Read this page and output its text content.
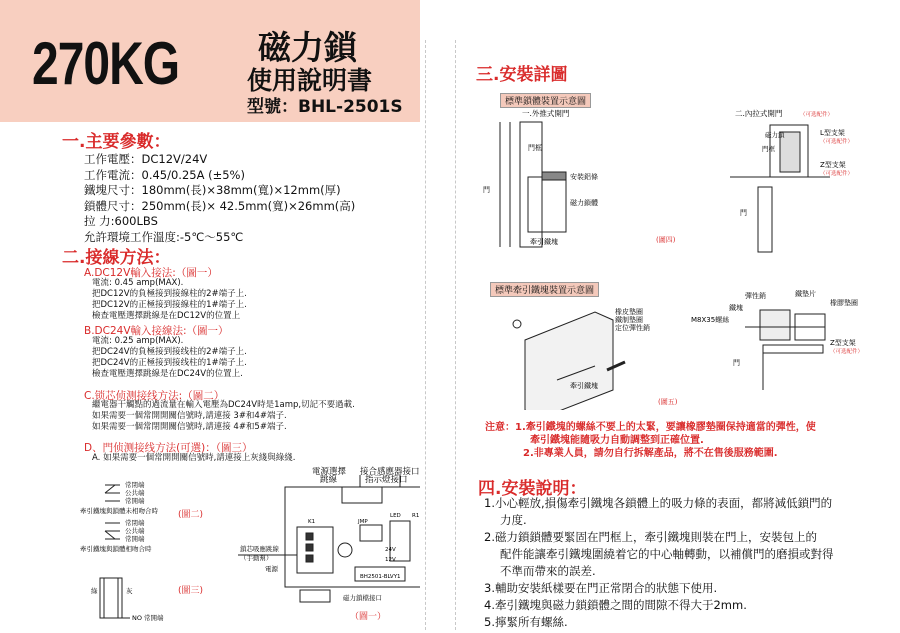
270KG 磁力鎖
使用說明書
型號：BHL-2501S
一.主要參數：
工作電壓：DC12V/24V
工作電流：0.45/0.25A (±5%)
鐵塊尺寸：180mm(長)×38mm(寬)×12mm(厚)
鎖體尺寸：250mm(長)× 42.5mm(寬)×26mm(高)
拉 力:600LBS
允許環境工作溫度:-5℃～55℃
二.接線方法：
A.DC12V輸入接法:（圖一）
電流: 0.45 amp(MAX).
把DC12V的負極接到接線柱的2#端子上.
把DC12V的正極接到接線柱的1#端子上.
檢查電壓選擇跳線是在DC12V的位置上
B.DC24V輸入接線法:（圖一）
電流: 0.25 amp(MAX).
把DC24V的負極接到接线柱的2#端子上.
把DC24V的正極接到接线柱的1#端子上.
檢查電壓選擇跳線是在DC24V的位置上.
C.锁芯侦测接线方法:（圖二）
繼電器干觸點的過流量在輸入電壓為DC24V時是1amp,切記不要過載.
如果需要一個常開開關信號時,請連接 3#和4#端子.
如果需要一個常閉開關信號時,請連接 4#和5#端子.
D、門侦测接线方法(可選)：（圖三）
A. 如果需要一個常開開關信號時,請連接上灰綫與綠綫.
電源選擇
跳線
接合感應器接口
指示燈接口
鎖芯吸應跳線
（手動幫）
電源
磁力鎖檔接口
BH2501-BLVY1
JMP
LED
K1
R1
24V
12V
常閉端
公共端
常開端
牽引鐵塊與鎖體未相吻合時
常閉端
公共端
常開端
牽引鐵塊與鎖體相吻合時
(圖二)
綠	灰
NO 常開端
(圖三)
（圖一）
三.安裝詳圖
標準鎖體裝置示意圖
一.外推式開門	二.內拉式開門	（可选配件）
門框
門
安裝鋁條
磁力鎖體
牽引鐵塊
磁力鎖
門框
L型支架
（可选配件）
Z型支架
（可选配件）
門
(圖四)
標準牽引鐵塊裝置示意圖
橡皮墊圈
鐵制墊圈
定位彈性銷
牽引鐵塊
彈性銷
鐵塊
鐵墊片
橡膠墊圈
M8X35螺絲
Z型支架
（可选配件）
門
(圖五)
注意：1.牽引鐵塊的螺絲不要上的太緊，要讓橡膠墊圈保持適當的彈性，使
牽引鐵塊能隨吸力自動調整到正確位置.
2.非專業人員，請勿自行拆解產品，將不在售後服務範圍.
四.安裝說明：
1.小心輕放,損傷牽引鐵塊各鎖體上的吸力條的表面，都將減低鎖門的
力度.
2.磁力鎖鎖體要緊固在門框上，牽引鐵塊則裝在門上，安裝包上的
配件能讓牽引鐵塊圍繞着它的中心軸轉動，以補償門的磨損或對得
不準而帶來的誤差.
3.輔助安裝紙樣要在門正常閉合的狀態下使用.
4.牽引鐵塊與磁力鎖鎖體之間的間隙不得大于2mm.
5.擰緊所有螺絲.
